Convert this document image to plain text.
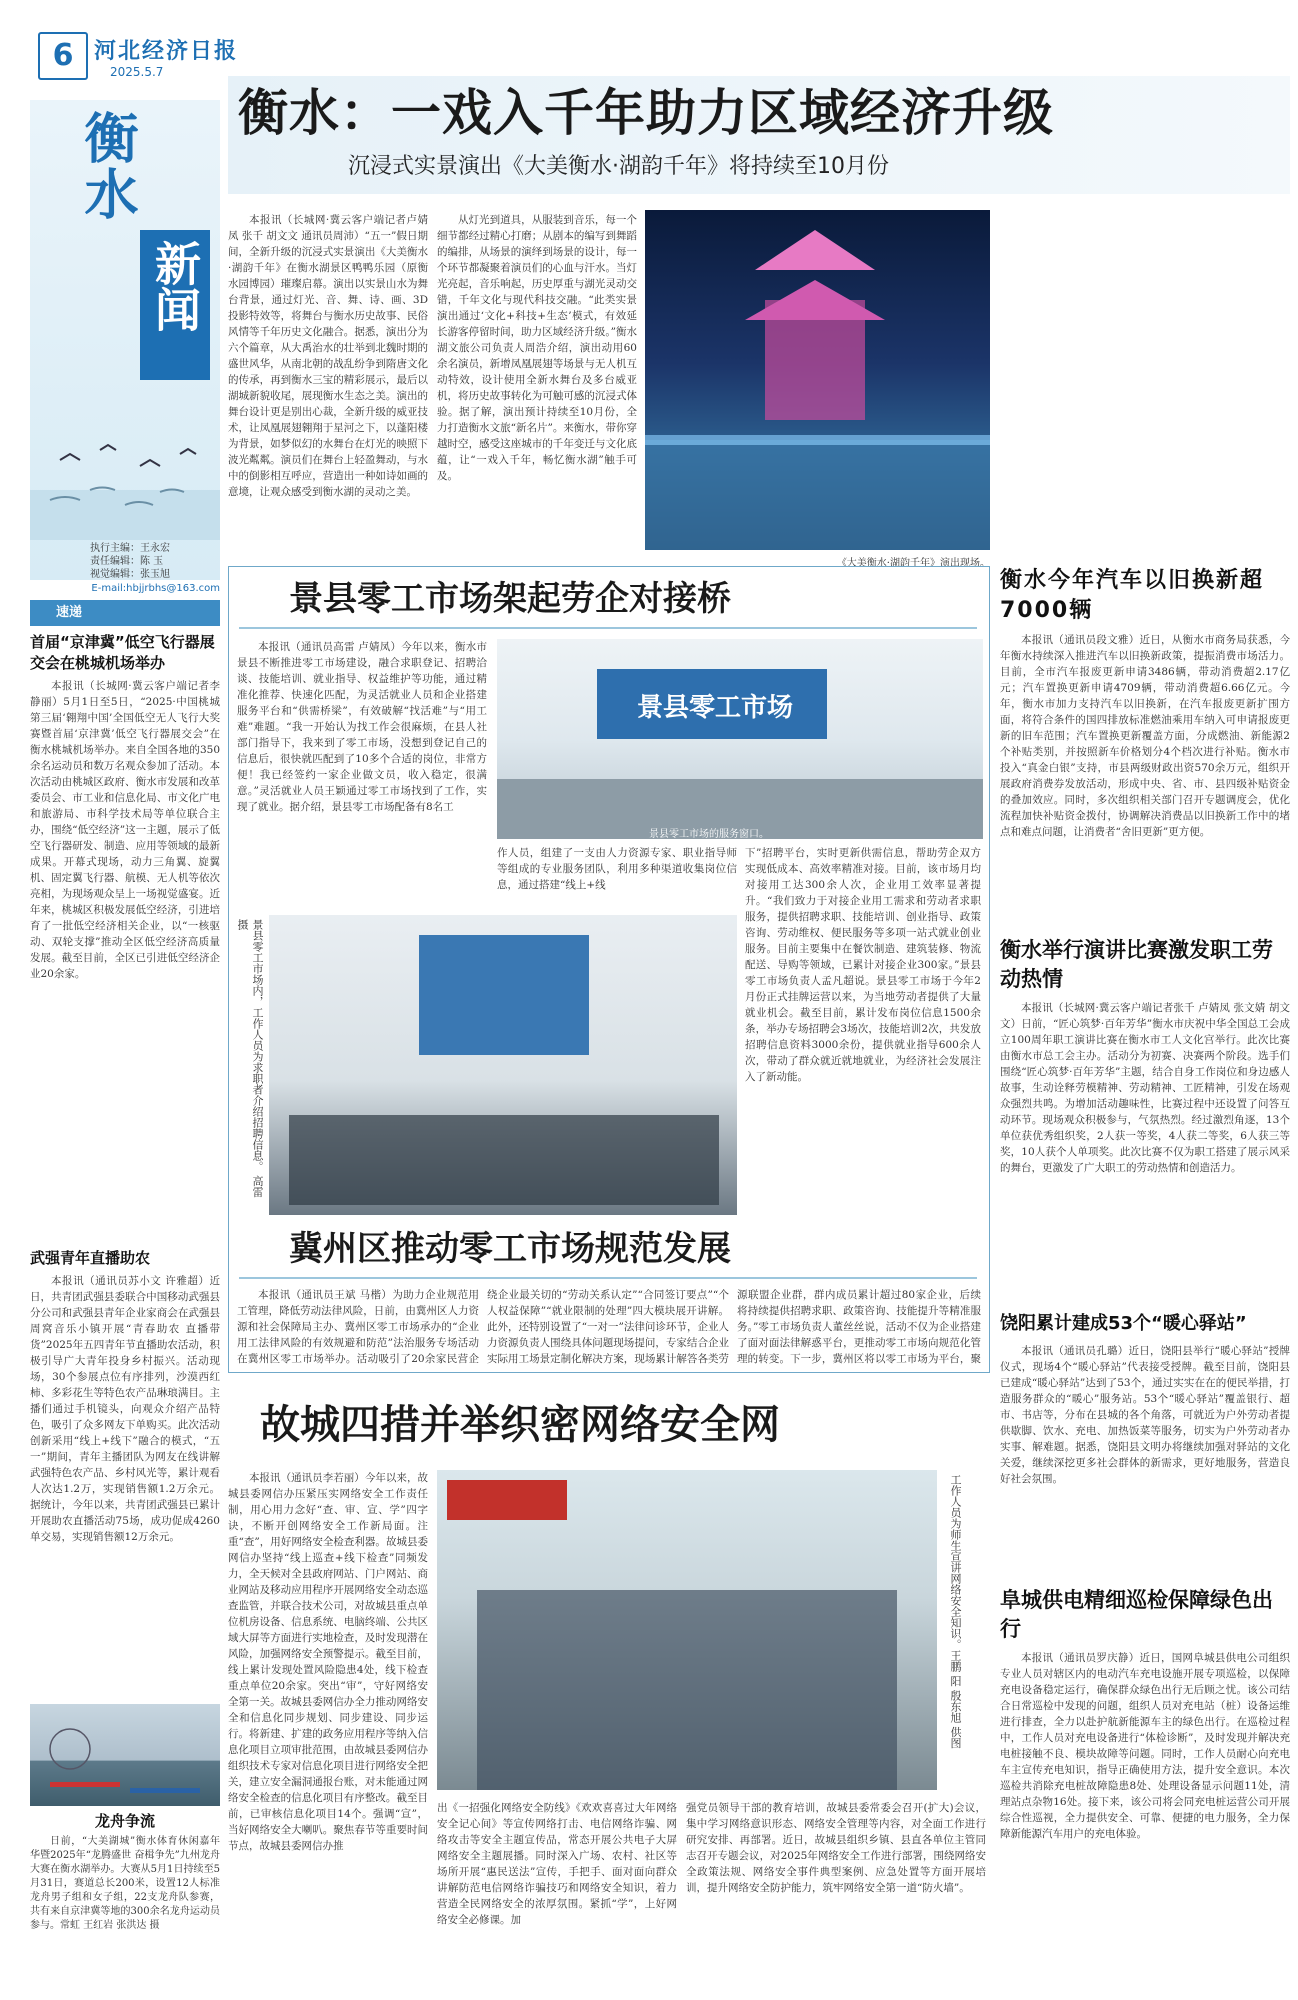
6 河北经济日报
2025.5.7
衡水
新闻
执行主编：王永宏
责任编辑：陈 玉
视觉编辑：张玉旭
E-mail:hbjjrbhs@163.com
速递
首届“京津冀”低空飞行器展交会在桃城机场举办
本报讯（长城网·冀云客户端记者李静丽）5月1日至5日，“2025·中国桃城第三届‘翱翔中国’全国低空无人飞行大奖赛暨首届‘京津冀’低空飞行器展交会”在衡水桃城机场举办。来自全国各地的350余名运动员和数万名观众参加了活动。本次活动由桃城区政府、衡水市发展和改革委员会、市工业和信息化局、市文化广电和旅游局、市科学技术局等单位联合主办，围绕“低空经济”这一主题，展示了低空飞行器研发、制造、应用等领域的最新成果。开幕式现场，动力三角翼、旋翼机、固定翼飞行器、航模、无人机等依次亮相，为现场观众呈上一场视觉盛宴。近年来，桃城区积极发展低空经济，引进培育了一批低空经济相关企业，以“一核驱动、双轮支撑”推动全区低空经济高质量发展。截至目前，全区已引进低空经济企业20余家。
武强青年直播助农
本报讯（通讯员苏小文 许雅超）近日，共青团武强县委联合中国移动武强县分公司和武强县青年企业家商会在武强县周窝音乐小镇开展“青春助农 直播带货”2025年五四青年节直播助农活动，积极引导广大青年投身乡村振兴。活动现场，30个参展点位有序排列，沙漠西红柿、多彩花生等特色农产品琳琅满目。主播们通过手机镜头，向观众介绍产品特色，吸引了众多网友下单购买。此次活动创新采用“线上+线下”融合的模式，“五一”期间，青年主播团队为网友在线讲解武强特色农产品、乡村风光等，累计观看人次达1.2万，实现销售额1.2万余元。据统计，今年以来，共青团武强县已累计开展助农直播活动75场，成功促成4260单交易，实现销售额12万余元。
龙舟争流
日前，“大美湖城”衡水体育休闲嘉年华暨2025年“龙腾盛世 奋楫争先”九州龙舟大赛在衡水湖举办。大赛从5月1日持续至5月31日，赛道总长200米，设置12人标准龙舟男子组和女子组，22支龙舟队参赛，共有来自京津冀等地的300余名龙舟运动员参与。常虹 王红岩 张洪达 摄
衡水：一戏入千年助力区域经济升级
沉浸式实景演出《大美衡水·湖韵千年》将持续至10月份
本报讯（长城网·冀云客户端记者卢婧凤 张千 胡文文 通讯员周沛）“五一”假日期间，全新升级的沉浸式实景演出《大美衡水·湖韵千年》在衡水湖景区鸭鸭乐园（原衡水园博园）璀璨启幕。演出以实景山水为舞台背景，通过灯光、音、舞、诗、画、3D投影特效等，将舞台与衡水历史故事、民俗风情等千年历史文化融合。据悉，演出分为六个篇章，从大禹治水的壮举到北魏时期的盛世风华，从南北朝的战乱纷争到隋唐文化的传承，再到衡水三宝的精彩展示，最后以湖城新貌收尾，展现衡水生态之美。演出的舞台设计更是别出心裁，全新升级的威亚技术，让凤凰展翅翱翔于星河之下，以蓬阳楼为背景，如梦似幻的水舞台在灯光的映照下波光粼粼。演员们在舞台上轻盈舞动，与水中的倒影相互呼应，营造出一种如诗如画的意境，让观众感受到衡水湖的灵动之美。
从灯光到道具，从服装到音乐，每一个细节都经过精心打磨；从剧本的编写到舞蹈的编排，从场景的演绎到场景的设计，每一个环节都凝聚着演员们的心血与汗水。当灯光亮起，音乐响起，历史厚重与湖光灵动交错，千年文化与现代科技交融。“此类实景演出通过‘文化+科技+生态’模式，有效延长游客停留时间，助力区域经济升级。”衡水湖文旅公司负责人周浩介绍，演出动用60余名演员，新增凤凰展翅等场景与无人机互动特效，设计使用全新水舞台及多台威亚机，将历史故事转化为可触可感的沉浸式体验。据了解，演出预计持续至10月份，全力打造衡水文旅“新名片”。来衡水，带你穿越时空，感受这座城市的千年变迁与文化底蕴，让“一戏入千年，畅忆衡水湖”触手可及。
《大美衡水·湖韵千年》演出现场。
景县零工市场架起劳企对接桥
本报讯（通讯员高雷 卢婧凤）今年以来，衡水市景县不断推进零工市场建设，融合求职登记、招聘洽谈、技能培训、就业指导、权益维护等功能，通过精准化推荐、快速化匹配，为灵活就业人员和企业搭建服务平台和“供需桥梁”，有效破解“找活难”与“用工难”难题。“我一开始认为找工作会很麻烦，在县人社部门指导下，我来到了零工市场，没想到登记自己的信息后，很快就匹配到了10多个合适的岗位，非常方便！我已经签约一家企业做文员，收入稳定，很满意。”灵活就业人员王颖通过零工市场找到了工作，实现了就业。据介绍，景县零工市场配备有8名工
景县零工市场
景县零工市场的服务窗口。
作人员，组建了一支由人力资源专家、职业指导师等组成的专业服务团队，利用多种渠道收集岗位信息，通过搭建“线上+线
下”招聘平台，实时更新供需信息，帮助劳企双方实现低成本、高效率精准对接。目前，该市场月均对接用工达300余人次，企业用工效率显著提升。“我们致力于对接企业用工需求和劳动者求职服务，提供招聘求职、技能培训、创业指导、政策咨询、劳动维权、便民服务等多项一站式就业创业服务。目前主要集中在餐饮制造、建筑装修、物流配送、导购等领域，已累计对接企业300家。”景县零工市场负责人孟凡超说。景县零工市场于今年2月份正式挂牌运营以来，为当地劳动者提供了大量就业机会。截至目前，累计发布岗位信息1500余条，举办专场招聘会3场次，技能培训2次，共发放招聘信息资料3000余份，提供就业指导600余人次，带动了群众就近就地就业，为经济社会发展注入了新动能。
景县零工市场内，工作人员为求职者介绍招聘信息。 高雷 摄
冀州区推动零工市场规范发展
本报讯（通讯员王斌 马楷）为助力企业规范用工管理，降低劳动法律风险，日前，由冀州区人力资源和社会保障局主办、冀州区零工市场承办的“企业用工法律风险的有效规避和防范”法治服务专场活动在冀州区零工市场举办。活动吸引了20余家民营企
绕企业最关切的“劳动关系认定”“合同签订要点”“个人权益保障”“就业限制的处理”四大模块展开讲解。此外，还特别设置了“一对一”法律问诊环节，企业人力资源负责人围绕具体问题现场提问，专家结合企业实际用工场景定制化解决方案，现场累计解答各类劳
源联盟企业群，群内成员累计超过80家企业，后续将持续提供招聘求职、政策咨询、技能提升等精准服务。”零工市场负责人董丝丝说，活动不仅为企业搭建了面对面法律解惑平台，更推动零工市场向规范化管理的转变。下一步，冀州区将以零工市场为平台，聚
故城四措并举织密网络安全网
本报讯（通讯员李若丽）今年以来，故城县委网信办压紧压实网络安全工作责任制，用心用力念好“查、审、宣、学”四字诀，不断开创网络安全工作新局面。注重“查”，用好网络安全检查利器。故城县委网信办坚持“线上巡查+线下检查”同频发力，全天候对全县政府网站、门户网站、商业网站及移动应用程序开展网络安全动态巡查监管，并联合技术公司，对故城县重点单位机房设备、信息系统、电脑终端、公共区域大屏等方面进行实地检查，及时发现潜在风险，加强网络安全预警提示。截至目前，线上累计发现处置风险隐患4处，线下检查重点单位20余家。突出“审”，守好网络安全第一关。故城县委网信办全力推动网络安全和信息化同步规划、同步建设、同步运行。将新建、扩建的政务应用程序等纳入信息化项目立项审批范围，由故城县委网信办组织技术专家对信息化项目进行网络安全把关，建立安全漏洞通报台账，对未能通过网络安全检查的信息化项目有序整改。截至目前，已审核信息化项目14个。强调“宣”，当好网络安全大喇叭。聚焦春节等重要时间节点，故城县委网信办推
工作人员为师生宣讲网络安全知识。王鹏 阳 殷东旭 供图
出《一招强化网络安全防线》《欢欢喜喜过大年网络安全记心间》等宣传网络打击、电信网络诈骗、网络攻击等安全主题宣传品，常态开展公共电子大屏网络安全主题展播。同时深入广场、农村、社区等场所开展“惠民送法”宣传，手把手、面对面向群众讲解防范电信网络诈骗技巧和网络安全知识，着力营造全民网络安全的浓厚氛围。紧抓“学”，上好网络安全必修课。加
强党员领导干部的教育培训，故城县委常委会召开(扩大)会议，集中学习网络意识形态、网络安全管理等内容，对全面工作进行研究安排、再部署。近日，故城县组织乡镇、县直各单位主管同志召开专题会议，对2025年网络安全工作进行部署，围绕网络安全政策法规、网络安全事件典型案例、应急处置等方面开展培训，提升网络安全防护能力，筑牢网络安全第一道“防火墙”。
衡水今年汽车以旧换新超7000辆
本报讯（通讯员段文雅）近日，从衡水市商务局获悉，今年衡水持续深入推进汽车以旧换新政策，提振消费市场活力。目前，全市汽车报废更新申请3486辆，带动消费超2.17亿元；汽车置换更新申请4709辆，带动消费超6.66亿元。今年，衡水市加力支持汽车以旧换新，在汽车报废更新扩围方面，将符合条件的国四排放标准燃油乘用车纳入可申请报废更新的旧车范围；汽车置换更新覆盖方面，分成燃油、新能源2个补贴类别，并按照新车价格划分4个档次进行补贴。衡水市投入“真金白银”支持，市县两级财政出资570余万元，组织开展政府消费券发放活动，形成中央、省、市、县四级补贴资金的叠加效应。同时，多次组织相关部门召开专题调度会，优化流程加快补贴资金拨付，协调解决消费品以旧换新工作中的堵点和难点问题，让消费者“舍旧更新”更方便。
衡水举行演讲比赛激发职工劳动热情
本报讯（长城网·冀云客户端记者张千 卢婧凤 张文婧 胡文文）日前，“匠心筑梦·百年芳华”衡水市庆祝中华全国总工会成立100周年职工演讲比赛在衡水市工人文化宫举行。此次比赛由衡水市总工会主办。活动分为初赛、决赛两个阶段。选手们围绕“匠心筑梦·百年芳华”主题，结合自身工作岗位和身边感人故事，生动诠释劳模精神、劳动精神、工匠精神，引发在场观众强烈共鸣。为增加活动趣味性，比赛过程中还设置了问答互动环节。现场观众积极参与，气氛热烈。经过激烈角逐，13个单位获优秀组织奖，2人获一等奖，4人获二等奖，6人获三等奖，10人获个人单项奖。此次比赛不仅为职工搭建了展示风采的舞台，更激发了广大职工的劳动热情和创造活力。
饶阳累计建成53个“暖心驿站”
本报讯（通讯员孔璐）近日，饶阳县举行“暖心驿站”授牌仪式，现场4个“暖心驿站”代表接受授牌。截至目前，饶阳县已建成“暖心驿站”达到了53个，通过实实在在的便民举措，打造服务群众的“暖心”服务站。53个“暖心驿站”覆盖银行、超市、书店等，分布在县城的各个角落，可就近为户外劳动者提供歇脚、饮水、充电、加热饭菜等服务，切实为户外劳动者办实事、解难题。据悉，饶阳县文明办将继续加强对驿站的文化关爱，继续深挖更多社会群体的新需求，更好地服务，营造良好社会氛围。
阜城供电精细巡检保障绿色出行
本报讯（通讯员罗庆静）近日，国网阜城县供电公司组织专业人员对辖区内的电动汽车充电设施开展专项巡检，以保障充电设备稳定运行，确保群众绿色出行无后顾之忧。该公司结合日常巡检中发现的问题，组织人员对充电站（桩）设备运维进行排查，全力以赴护航新能源车主的绿色出行。在巡检过程中，工作人员对充电设备进行“体检诊断”，及时发现并解决充电桩接触不良、模块故障等问题。同时，工作人员耐心向充电车主宣传充电知识，指导正确使用方法，提升安全意识。本次巡检共消除充电桩故障隐患8处、处理设备显示问题11处，清理站点杂物16处。接下来，该公司将会同充电桩运营公司开展综合性巡视，全力提供安全、可靠、便捷的电力服务，全力保障新能源汽车用户的充电体验。
